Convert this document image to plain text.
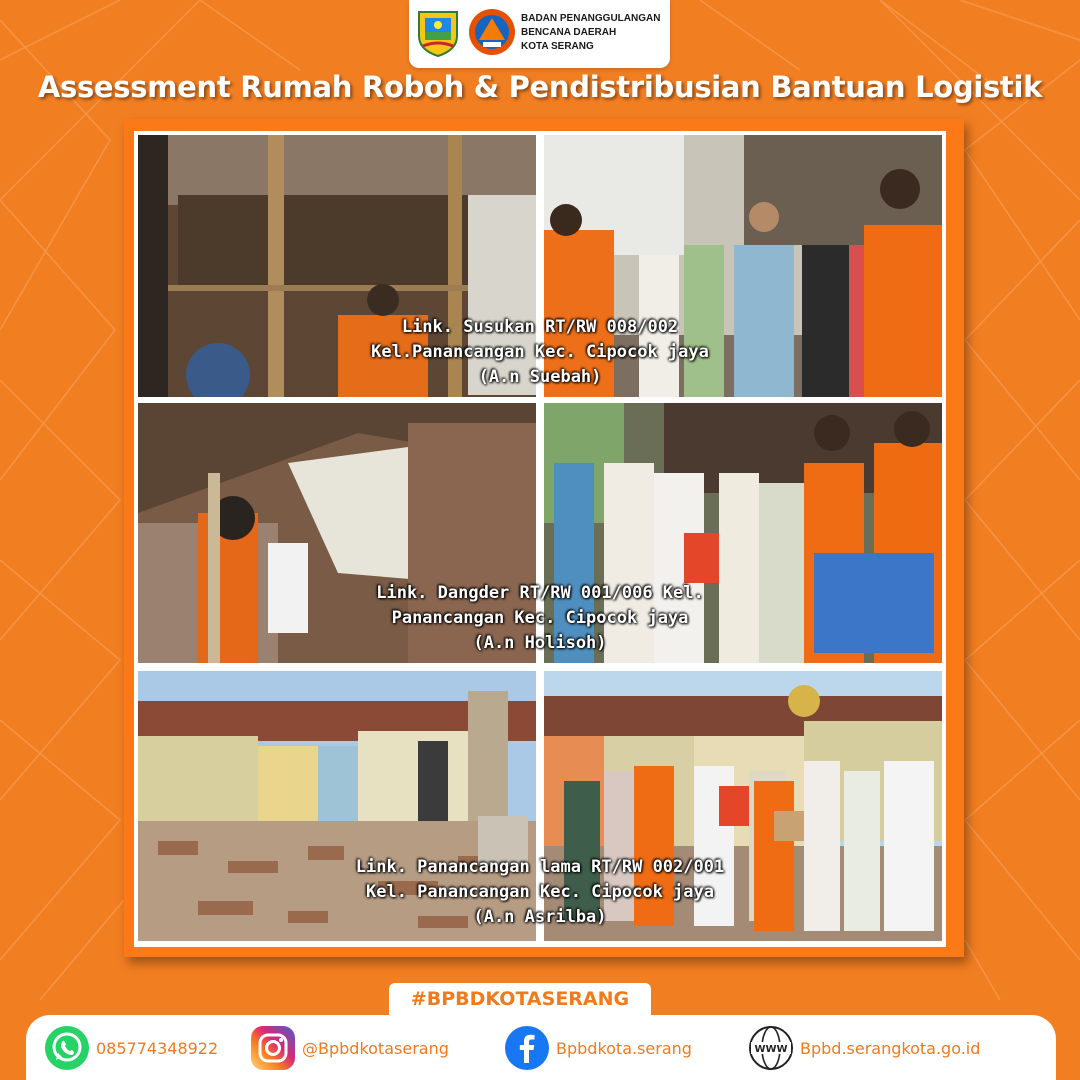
BADAN PENANGGULANGAN
BENCANA DAERAH
KOTA SERANG
Assessment Rumah Roboh & Pendistribusian Bantuan Logistik
Link. Susukan RT/RW 008/002
Kel.Panancangan Kec. Cipocok jaya
(A.n Suebah)
Link. Dangder RT/RW 001/006 Kel.
Panancangan Kec. Cipocok jaya
(A.n Holisoh)
Link. Panancangan lama RT/RW 002/001
Kel. Panancangan Kec. Cipocok jaya
(A.n Asrilba)
#BPBDKOTASERANG
085774348922	@Bpbdkotaserang	Bpbdkota.serang	WWW Bpbd.serangkota.go.id
